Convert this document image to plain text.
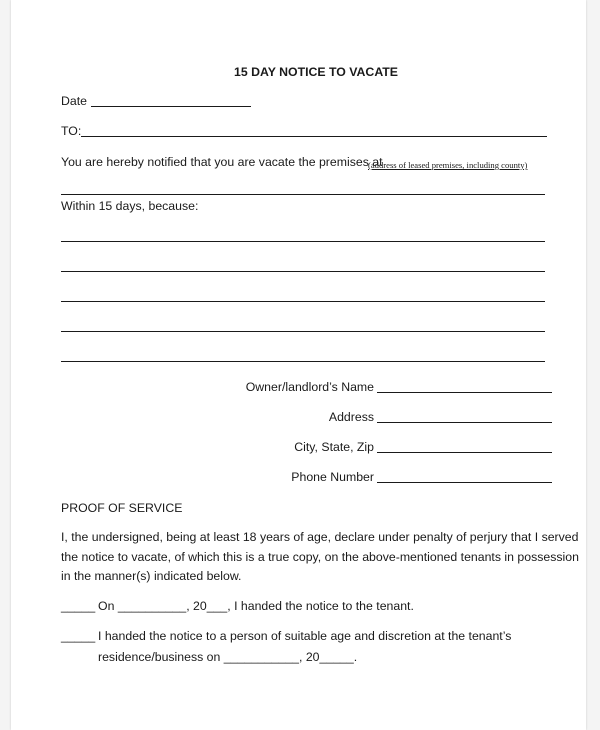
15 DAY NOTICE TO VACATE
Date
TO:
You are hereby notified that you are vacate the premises at
(address of leased premises, including county)
Within 15 days, because:
Owner/landlord’s Name
Address
City, State, Zip
Phone Number
PROOF OF SERVICE
I, the undersigned, being at least 18 years of age, declare under penalty of perjury that I served
the notice to vacate, of which this is a true copy, on the above-mentioned tenants in possession
in the manner(s) indicated below.
_____ On __________, 20___, I handed the notice to the tenant.
_____ I handed the notice to a person of suitable age and discretion at the tenant’s
residence/business on ___________, 20_____.
